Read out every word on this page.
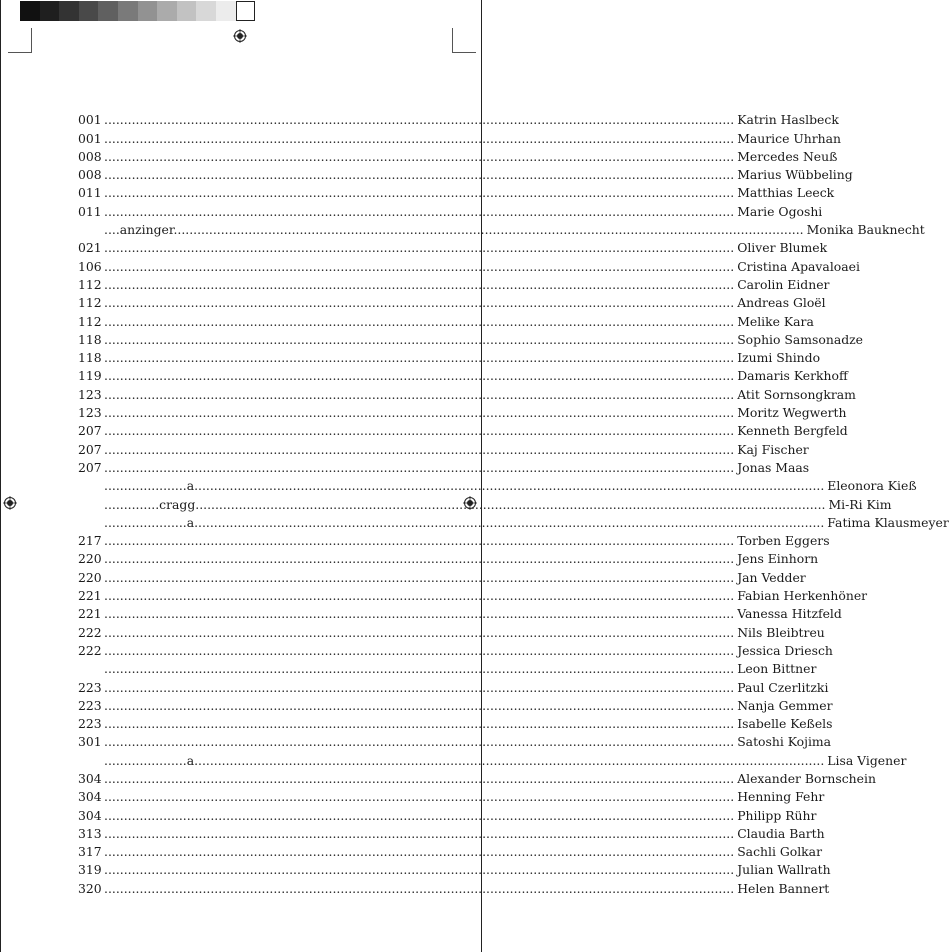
001 ................................................................................................................................................................ Katrin Haslbeck
001 ................................................................................................................................................................ Maurice Uhrhan
008 ................................................................................................................................................................ Mercedes Neuß
008 ................................................................................................................................................................ Marius Wübbeling
011 ................................................................................................................................................................ Matthias Leeck
011 ................................................................................................................................................................ Marie Ogoshi
....anzinger................................................................................................................................................................ Monika Bauknecht
021 ................................................................................................................................................................ Oliver Blumek
106 ................................................................................................................................................................ Cristina Apavaloaei
112 ................................................................................................................................................................ Carolin Eidner
112 ................................................................................................................................................................ Andreas Gloël
112 ................................................................................................................................................................ Melike Kara
118 ................................................................................................................................................................ Sophio Samsonadze
118 ................................................................................................................................................................ Izumi Shindo
119 ................................................................................................................................................................ Damaris Kerkhoff
123 ................................................................................................................................................................ Atit Sornsongkram
123 ................................................................................................................................................................ Moritz Wegwerth
207 ................................................................................................................................................................ Kenneth Bergfeld
207 ................................................................................................................................................................ Kaj Fischer
207 ................................................................................................................................................................ Jonas Maas
.....................a................................................................................................................................................................ Eleonora Kieß
..............cragg................................................................................................................................................................ Mi-Ri Kim
.....................a................................................................................................................................................................ Fatima Klausmeyer
217 ................................................................................................................................................................ Torben Eggers
220 ................................................................................................................................................................ Jens Einhorn
220 ................................................................................................................................................................ Jan Vedder
221 ................................................................................................................................................................ Fabian Herkenhöner
221 ................................................................................................................................................................ Vanessa Hitzfeld
222 ................................................................................................................................................................ Nils Bleibtreu
222 ................................................................................................................................................................ Jessica Driesch
................................................................................................................................................................ Leon Bittner
223 ................................................................................................................................................................ Paul Czerlitzki
223 ................................................................................................................................................................ Nanja Gemmer
223 ................................................................................................................................................................ Isabelle Keßels
301 ................................................................................................................................................................ Satoshi Kojima
.....................a................................................................................................................................................................ Lisa Vigener
304 ................................................................................................................................................................ Alexander Bornschein
304 ................................................................................................................................................................ Henning Fehr
304 ................................................................................................................................................................ Philipp Rühr
313 ................................................................................................................................................................ Claudia Barth
317 ................................................................................................................................................................ Sachli Golkar
319 ................................................................................................................................................................ Julian Wallrath
320 ................................................................................................................................................................ Helen Bannert
